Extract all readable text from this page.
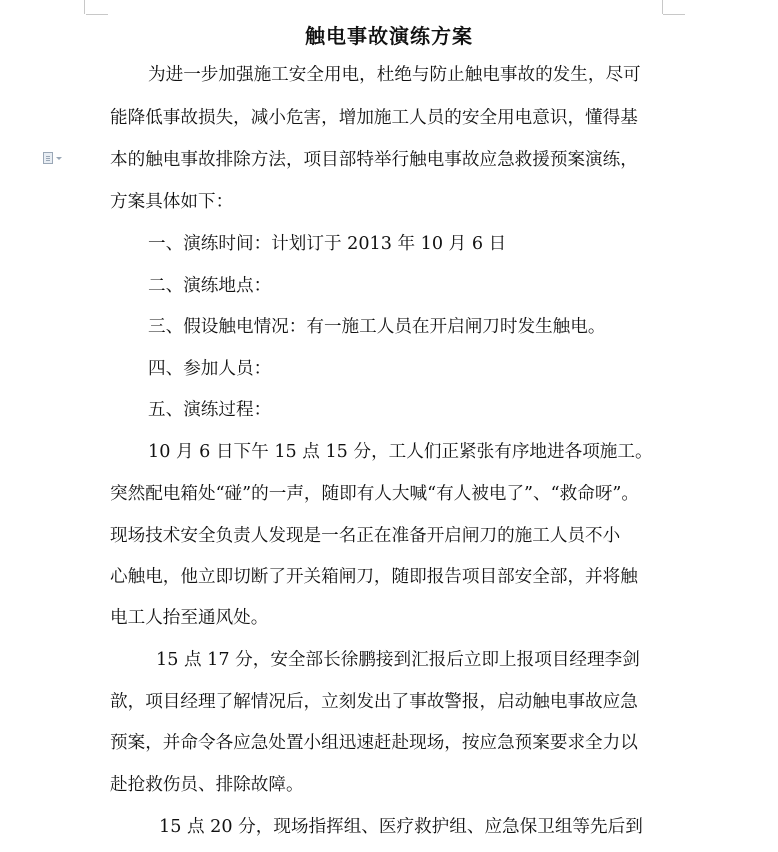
触电事故演练方案
为进一步加强施工安全用电，杜绝与防止触电事故的发生，尽可
能降低事故损失，减小危害，增加施工人员的安全用电意识，懂得基
本的触电事故排除方法，项目部特举行触电事故应急救援预案演练，
方案具体如下：
一、演练时间：计划订于 2013 年 10 月 6 日
二、演练地点：
三、假设触电情况：有一施工人员在开启闸刀时发生触电。
四、参加人员：
五、演练过程：
10 月 6 日下午 15 点 15 分，工人们正紧张有序地进各项施工。
突然配电箱处“碰”的一声，随即有人大喊“有人被电了”、“救命呀”。
现场技术安全负责人发现是一名正在准备开启闸刀的施工人员不小
心触电，他立即切断了开关箱闸刀，随即报告项目部安全部，并将触
电工人抬至通风处。
15 点 17 分，安全部长徐鹏接到汇报后立即上报项目经理李剑
歆，项目经理了解情况后，立刻发出了事故警报，启动触电事故应急
预案，并命令各应急处置小组迅速赶赴现场，按应急预案要求全力以
赴抢救伤员、排除故障。
15 点 20 分，现场指挥组、医疗救护组、应急保卫组等先后到
